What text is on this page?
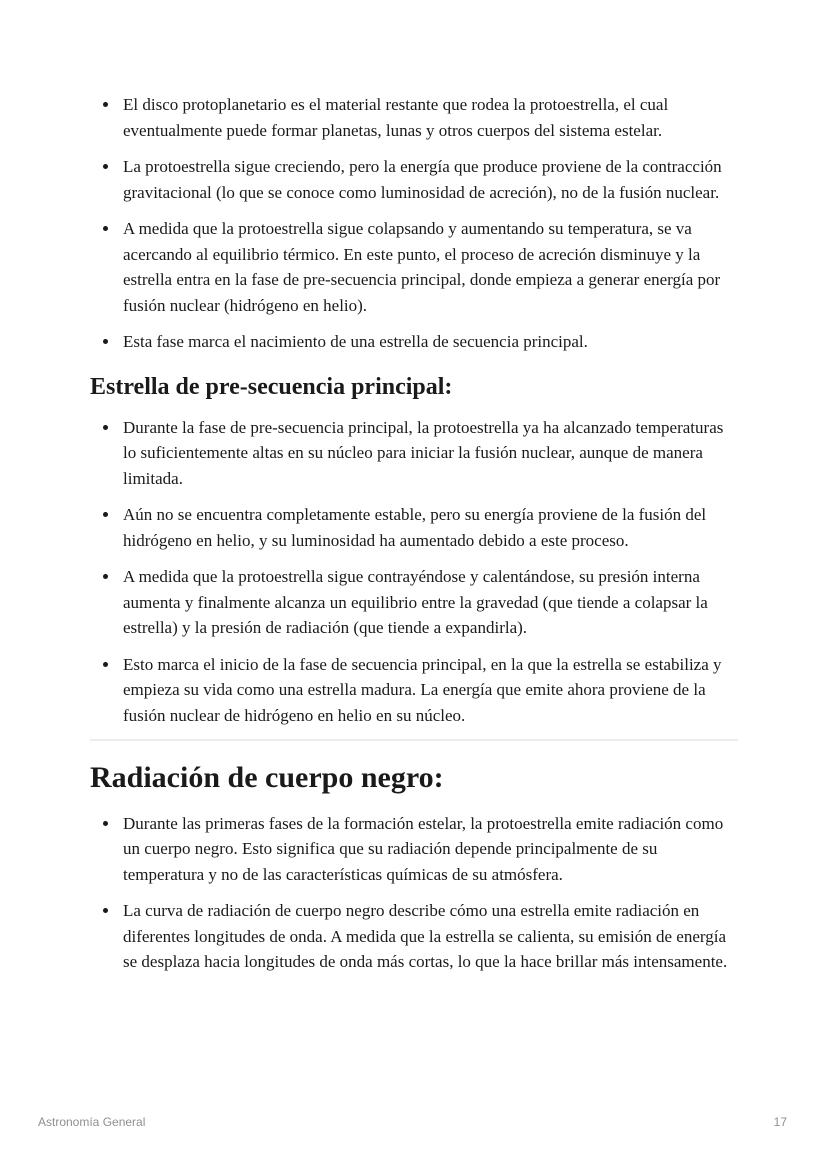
• El disco protoplanetario es el material restante que rodea la protoestrella, el cual eventualmente puede formar planetas, lunas y otros cuerpos del sistema estelar.
• La protoestrella sigue creciendo, pero la energía que produce proviene de la contracción gravitacional (lo que se conoce como luminosidad de acreción), no de la fusión nuclear.
• A medida que la protoestrella sigue colapsando y aumentando su temperatura, se va acercando al equilibrio térmico. En este punto, el proceso de acreción disminuye y la estrella entra en la fase de pre-secuencia principal, donde empieza a generar energía por fusión nuclear (hidrógeno en helio).
• Esta fase marca el nacimiento de una estrella de secuencia principal.
Estrella de pre-secuencia principal:
• Durante la fase de pre-secuencia principal, la protoestrella ya ha alcanzado temperaturas lo suficientemente altas en su núcleo para iniciar la fusión nuclear, aunque de manera limitada.
• Aún no se encuentra completamente estable, pero su energía proviene de la fusión del hidrógeno en helio, y su luminosidad ha aumentado debido a este proceso.
• A medida que la protoestrella sigue contrayéndose y calentándose, su presión interna aumenta y finalmente alcanza un equilibrio entre la gravedad (que tiende a colapsar la estrella) y la presión de radiación (que tiende a expandirla).
• Esto marca el inicio de la fase de secuencia principal, en la que la estrella se estabiliza y empieza su vida como una estrella madura. La energía que emite ahora proviene de la fusión nuclear de hidrógeno en helio en su núcleo.
Radiación de cuerpo negro:
• Durante las primeras fases de la formación estelar, la protoestrella emite radiación como un cuerpo negro. Esto significa que su radiación depende principalmente de su temperatura y no de las características químicas de su atmósfera.
• La curva de radiación de cuerpo negro describe cómo una estrella emite radiación en diferentes longitudes de onda. A medida que la estrella se calienta, su emisión de energía se desplaza hacia longitudes de onda más cortas, lo que la hace brillar más intensamente.
Astronomía General	17
